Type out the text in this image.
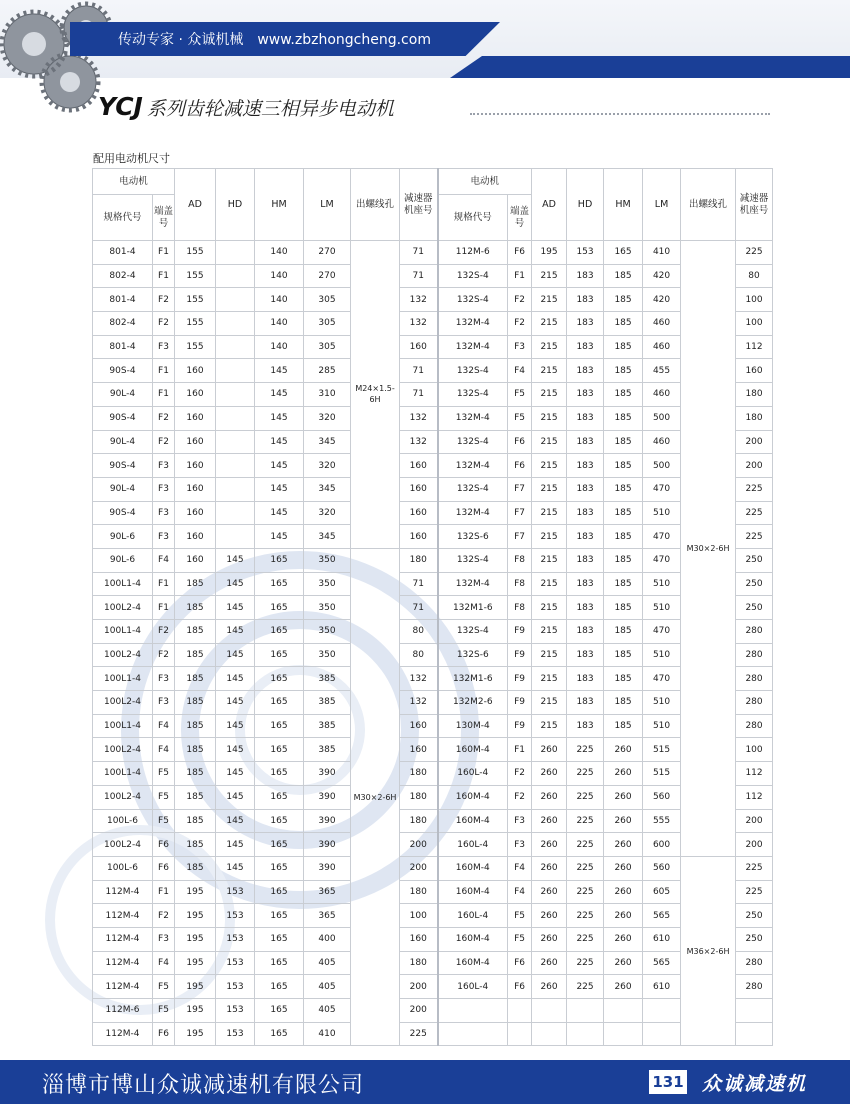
传动专家 · 众诚机械 www.zbzhongcheng.com
YCJ 系列齿轮减速三相异步电动机
配用电动机尺寸
电动机		AD	HD	HM	LM	出螺线孔	减速器机座号	电动机		AD	HD	HM	LM	出螺线孔	减速器机座号
规格代号	端盖号							规格代号	端盖号						
801-4	F1	155		140	270	M24×1.5-6H	71	112M-6	F6	195	153	165	410	M30×2-6H	225
802-4	F1	155		140	270		71	132S-4	F1	215	183	185	420		80
801-4	F2	155		140	305		132	132S-4	F2	215	183	185	420		100
802-4	F2	155		140	305		132	132M-4	F2	215	183	185	460		100
801-4	F3	155		140	305		160	132M-4	F3	215	183	185	460		112
90S-4	F1	160		145	285		71	132S-4	F4	215	183	185	455		160
90L-4	F1	160		145	310		71	132S-4	F5	215	183	185	460		180
90S-4	F2	160		145	320		132	132M-4	F5	215	183	185	500		180
90L-4	F2	160		145	345		132	132S-4	F6	215	183	185	460		200
90S-4	F3	160		145	320		160	132M-4	F6	215	183	185	500		200
90L-4	F3	160		145	345		160	132S-4	F7	215	183	185	470		225
90S-4	F3	160		145	320		160	132M-4	F7	215	183	185	510		225
90L-6	F3	160		145	345		160	132S-6	F7	215	183	185	470		225
90L-6	F4	160	145	165	350	M30×2-6H	180	132S-4	F8	215	183	185	470		250
100L1-4	F1	185	145	165	350		71	132M-4	F8	215	183	185	510		250
100L2-4	F1	185	145	165	350		71	132M1-6	F8	215	183	185	510		250
100L1-4	F2	185	145	165	350		80	132S-4	F9	215	183	185	470		280
100L2-4	F2	185	145	165	350		80	132S-6	F9	215	183	185	510		280
100L1-4	F3	185	145	165	385		132	132M1-6	F9	215	183	185	470		280
100L2-4	F3	185	145	165	385		132	132M2-6	F9	215	183	185	510		280
100L1-4	F4	185	145	165	385		160	130M-4	F9	215	183	185	510		280
100L2-4	F4	185	145	165	385		160	160M-4	F1	260	225	260	515		100
100L1-4	F5	185	145	165	390		180	160L-4	F2	260	225	260	515		112
100L2-4	F5	185	145	165	390		180	160M-4	F2	260	225	260	560		112
100L-6	F5	185	145	165	390		180	160M-4	F3	260	225	260	555		200
100L2-4	F6	185	145	165	390		200	160L-4	F3	260	225	260	600		200
100L-6	F6	185	145	165	390		200	160M-4	F4	260	225	260	560	M36×2-6H	225
112M-4	F1	195	153	165	365		180	160M-4	F4	260	225	260	605		225
112M-4	F2	195	153	165	365		100	160L-4	F5	260	225	260	565		250
112M-4	F3	195	153	165	400		160	160M-4	F5	260	225	260	610		250
112M-4	F4	195	153	165	405		180	160M-4	F6	260	225	260	565		280
112M-4	F5	195	153	165	405		200	160L-4	F6	260	225	260	610		280
112M-6	F5	195	153	165	405		200								
112M-4	F6	195	153	165	410		225								
淄博市博山众诚减速机有限公司	131 众诚减速机
